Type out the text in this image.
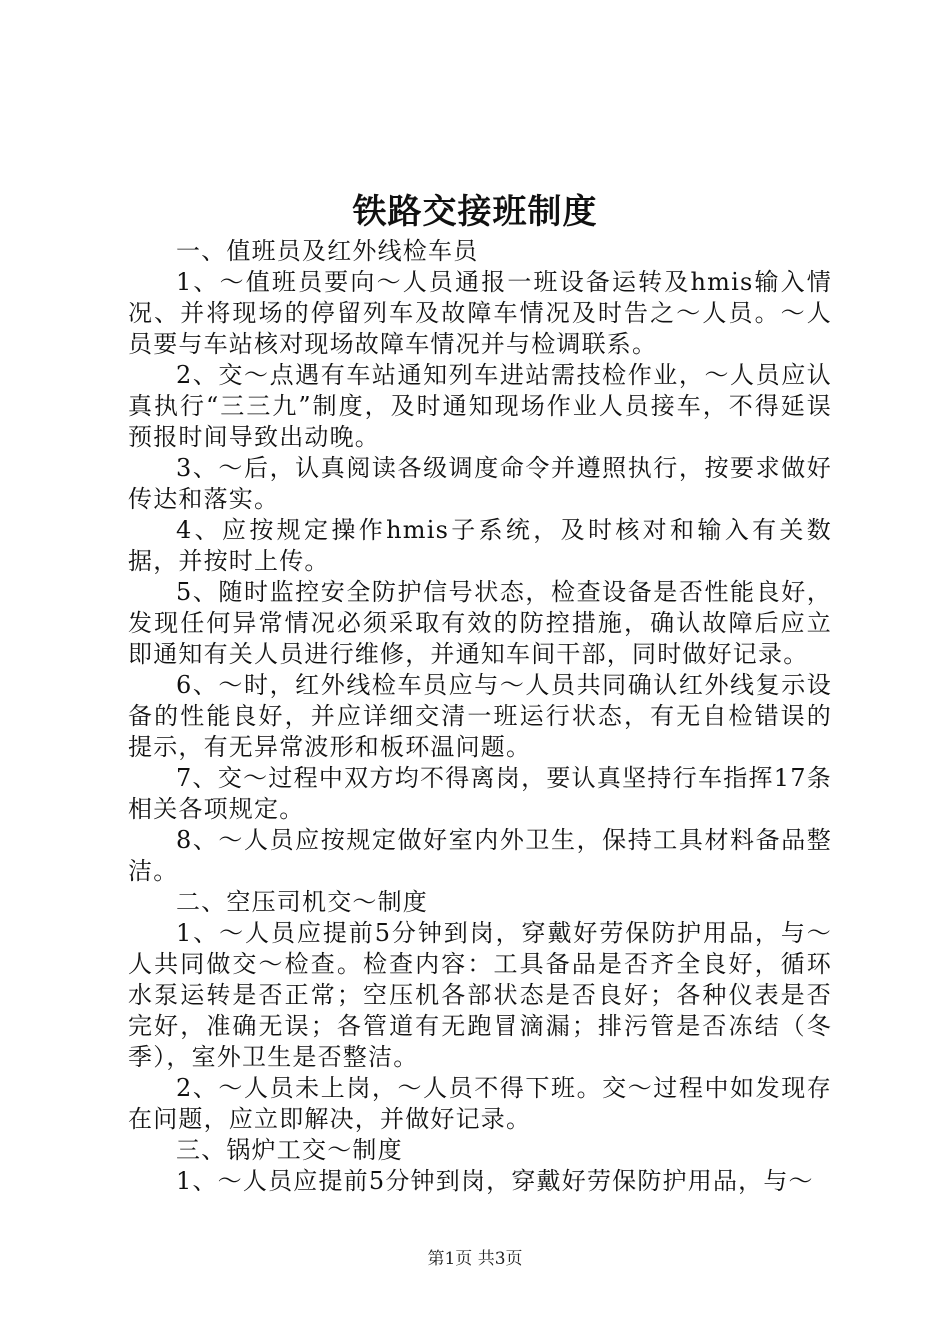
铁路交接班制度

一、值班员及红外线检车员

1、～值班员要向～人员通报一班设备运转及hmis输入情况、并将现场的停留列车及故障车情况及时告之～人员。～人员要与车站核对现场故障车情况并与检调联系。

2、交～点遇有车站通知列车进站需技检作业，～人员应认真执行“三三九”制度，及时通知现场作业人员接车，不得延误预报时间导致出动晚。

3、～后，认真阅读各级调度命令并遵照执行，按要求做好传达和落实。

4、应按规定操作hmis子系统，及时核对和输入有关数据，并按时上传。

5、随时监控安全防护信号状态，检查设备是否性能良好，发现任何异常情况必须采取有效的防控措施，确认故障后应立即通知有关人员进行维修，并通知车间干部，同时做好记录。

6、～时，红外线检车员应与～人员共同确认红外线复示设备的性能良好，并应详细交清一班运行状态，有无自检错误的提示，有无异常波形和板环温问题。

7、交～过程中双方均不得离岗，要认真坚持行车指挥17条相关各项规定。

8、～人员应按规定做好室内外卫生，保持工具材料备品整洁。

二、空压司机交～制度

1、～人员应提前5分钟到岗，穿戴好劳保防护用品，与～人共同做交～检查。检查内容：工具备品是否齐全良好，循环水泵运转是否正常；空压机各部状态是否良好；各种仪表是否完好，准确无误；各管道有无跑冒滴漏；排污管是否冻结（冬季），室外卫生是否整洁。

2、～人员未上岗，～人员不得下班。交～过程中如发现存在问题，应立即解决，并做好记录。

三、锅炉工交～制度

1、～人员应提前5分钟到岗，穿戴好劳保防护用品，与～

第1页 共3页
